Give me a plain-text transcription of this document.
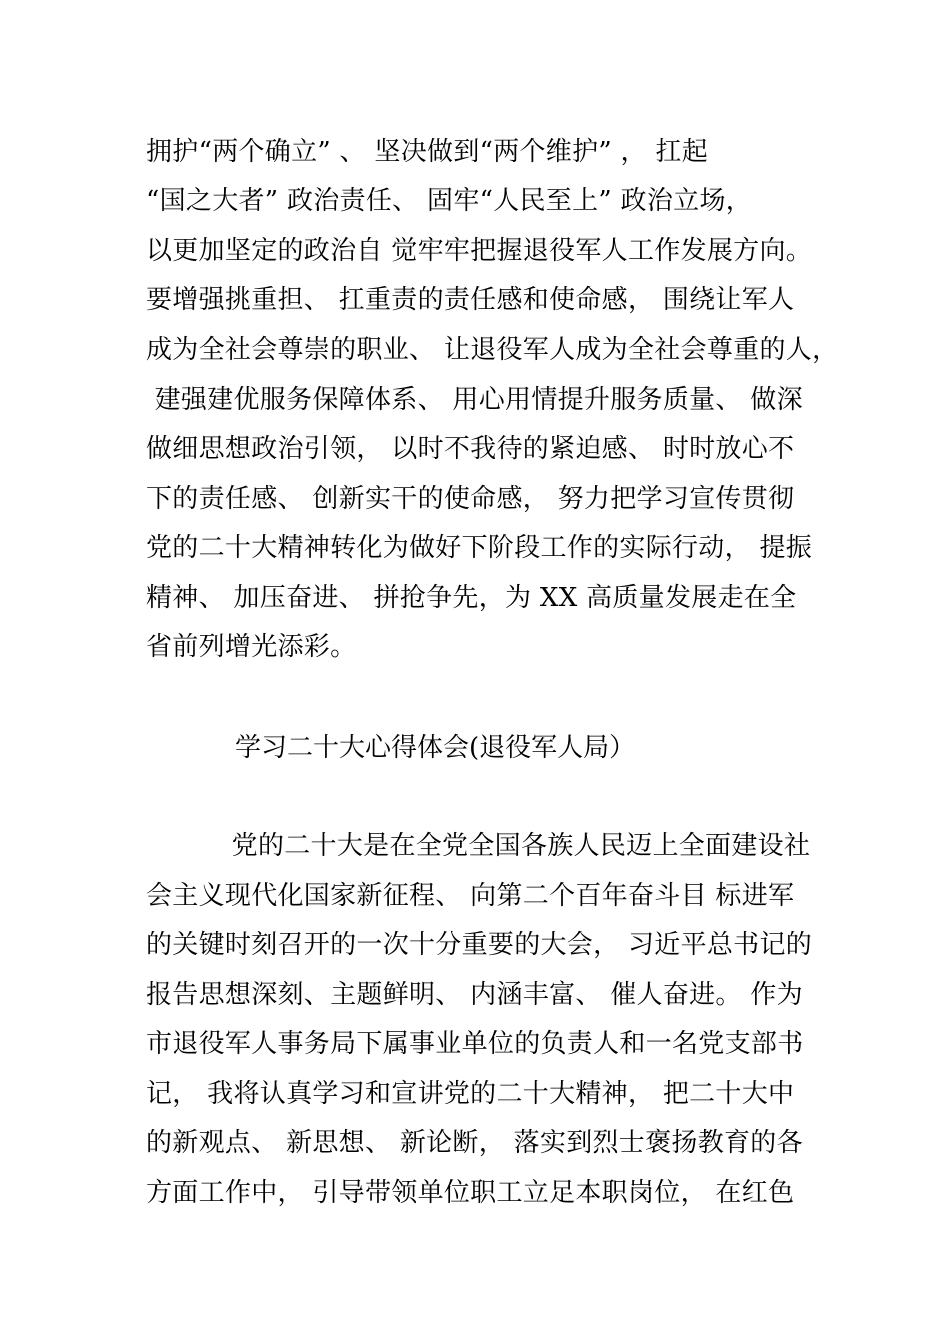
拥护“两个确立” 、 坚决做到“两个维护” ， 扛起
“国之大者” 政治责任、 固牢“人民至上” 政治立场，
以更加坚定的政治自 觉牢牢把握退役军人工作发展方向。
要增强挑重担、 扛重责的责任感和使命感， 围绕让军人
成为全社会尊崇的职业、 让退役军人成为全社会尊重的人，
建强建优服务保障体系、 用心用情提升服务质量、 做深
做细思想政治引领， 以时不我待的紧迫感、 时时放心不
下的责任感、 创新实干的使命感， 努力把学习宣传贯彻
党的二十大精神转化为做好下阶段工作的实际行动， 提振
精神、 加压奋进、 拼抢争先，为 XX 高质量发展走在全
省前列增光添彩。
学习二十大心得体会(退役军人局）
党的二十大是在全党全国各族人民迈上全面建设社
会主义现代化国家新征程、 向第二个百年奋斗目 标进军
的关键时刻召开的一次十分重要的大会， 习近平总书记的
报告思想深刻、主题鲜明、 内涵丰富、 催人奋进。 作为
市退役军人事务局下属事业单位的负责人和一名党支部书
记， 我将认真学习和宣讲党的二十大精神， 把二十大中
的新观点、 新思想、 新论断， 落实到烈士褒扬教育的各
方面工作中， 引导带领单位职工立足本职岗位， 在红色
